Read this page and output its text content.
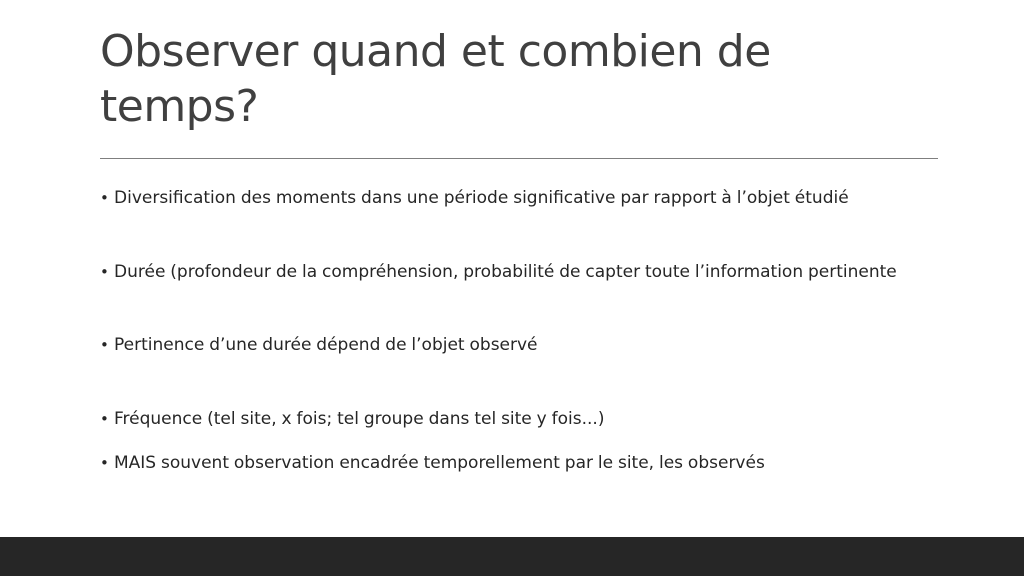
Observer quand et combien de temps?
• Diversification des moments dans une période significative par rapport à l’objet étudié
• Durée (profondeur de la compréhension, probabilité de capter toute l’information pertinente
• Pertinence d’une durée dépend de l’objet observé
• Fréquence (tel site, x fois; tel groupe dans tel site y fois...)
• MAIS souvent observation encadrée temporellement par le site, les observés
